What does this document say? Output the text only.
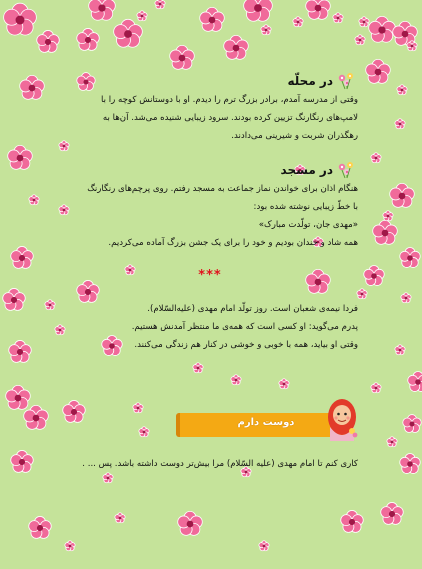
در محلّه
وقتی از مدرسه آمدم، برادر بزرگ ترم را دیدم. او با دوستانش کوچه را با
لامپ‌های رنگارنگ تزیین کرده بودند. سرود زیبایی شنیده می‌شد. آن‌ها به
رهگذران شربت و شیرینی می‌دادند.
در مسجد
هنگام اذان برای خواندن نماز جماعت به مسجد رفتم. روی پرچم‌های رنگارنگ
با خطّ زیبایی نوشته شده بود:
«مهدی جان، تولّدت مبارک»
همه شاد و خندان بودیم و خود را برای یک جشن بزرگ آماده می‌کردیم.
***
فردا نیمه‌ی شعبان است. روز تولّد امام مهدی (علیه‌السّلام).
پدرم می‌گوید: او کسی است که همه‌ی ما منتظر آمدنش هستیم.
وقتی او بیاید، همه با خوبی و خوشی در کنار هم زندگی می‌کنند.
دوست دارم
کاری کنم تا امام مهدی (علیه السّلام) مرا بیش‌تر دوست داشته باشد. پس ... .
